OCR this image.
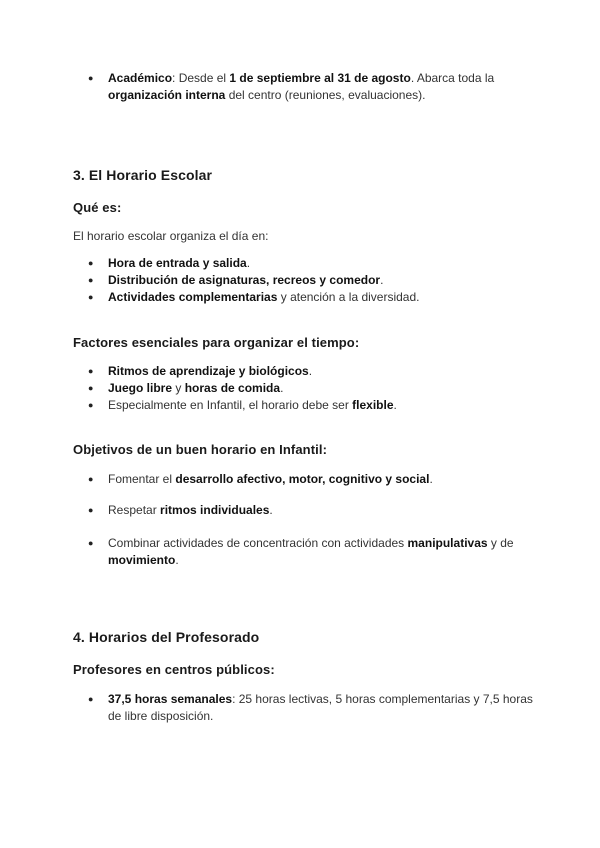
● Académico: Desde el 1 de septiembre al 31 de agosto. Abarca toda la organización interna del centro (reuniones, evaluaciones).
3. El Horario Escolar
Qué es:
El horario escolar organiza el día en:
● Hora de entrada y salida.
● Distribución de asignaturas, recreos y comedor.
● Actividades complementarias y atención a la diversidad.
Factores esenciales para organizar el tiempo:
● Ritmos de aprendizaje y biológicos.
● Juego libre y horas de comida.
● Especialmente en Infantil, el horario debe ser flexible.
Objetivos de un buen horario en Infantil:
● Fomentar el desarrollo afectivo, motor, cognitivo y social.
● Respetar ritmos individuales.
● Combinar actividades de concentración con actividades manipulativas y de movimiento.
4. Horarios del Profesorado
Profesores en centros públicos:
● 37,5 horas semanales: 25 horas lectivas, 5 horas complementarias y 7,5 horas de libre disposición.
